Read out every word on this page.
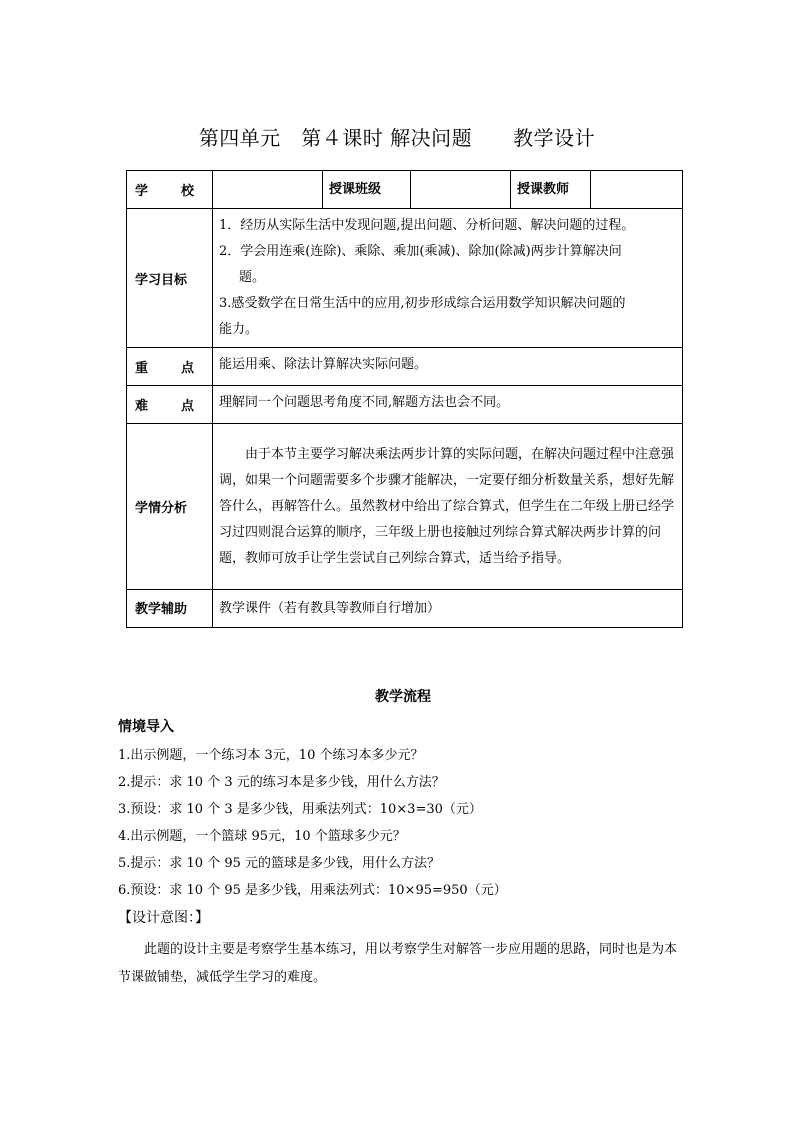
第四单元　第４课时 解决问题　　教学设计
学 校		授课班级		授课教师	
学习目标	1．经历从实际生活中发现问题,提出问题、分析问题、解决问题的过程。
2．学会用连乘(连除)、乘除、乘加(乘减)、除加(除减)两步计算解决问
题。
3.感受数学在日常生活中的应用,初步形成综合运用数学知识解决问题的
能力。				

重 点	能运用乘、除法计算解决实际问题。				

难 点	理解同一个问题思考角度不同,解题方法也会不同。				
学情分析	由于本节主要学习解决乘法两步计算的实际问题，在解决问题过程中注意强调，如果一个问题需要多个步骤才能解决，一定要仔细分析数量关系，想好先解答什么，再解答什么。虽然教材中给出了综合算式，但学生在二年级上册已经学习过四则混合运算的顺序，三年级上册也接触过列综合算式解决两步计算的问题，教师可放手让学生尝试自己列综合算式，适当给予指导。				
教学辅助	教学课件（若有教具等教师自行增加）				
教学流程
情境导入
1.出示例题，一个练习本 3元，10 个练习本多少元？
2.提示：求 10 个 3 元的练习本是多少钱，用什么方法？
3.预设：求 10 个 3 是多少钱，用乘法列式：10×3=30（元）
4.出示例题，一个篮球 95元，10 个篮球多少元？
5.提示：求 10 个 95 元的篮球是多少钱，用什么方法？
6.预设：求 10 个 95 是多少钱，用乘法列式：10×95=950（元）
【设计意图：】
此题的设计主要是考察学生基本练习，用以考察学生对解答一步应用题的思路，同时也是为本节课做铺垫，减低学生学习的难度。
